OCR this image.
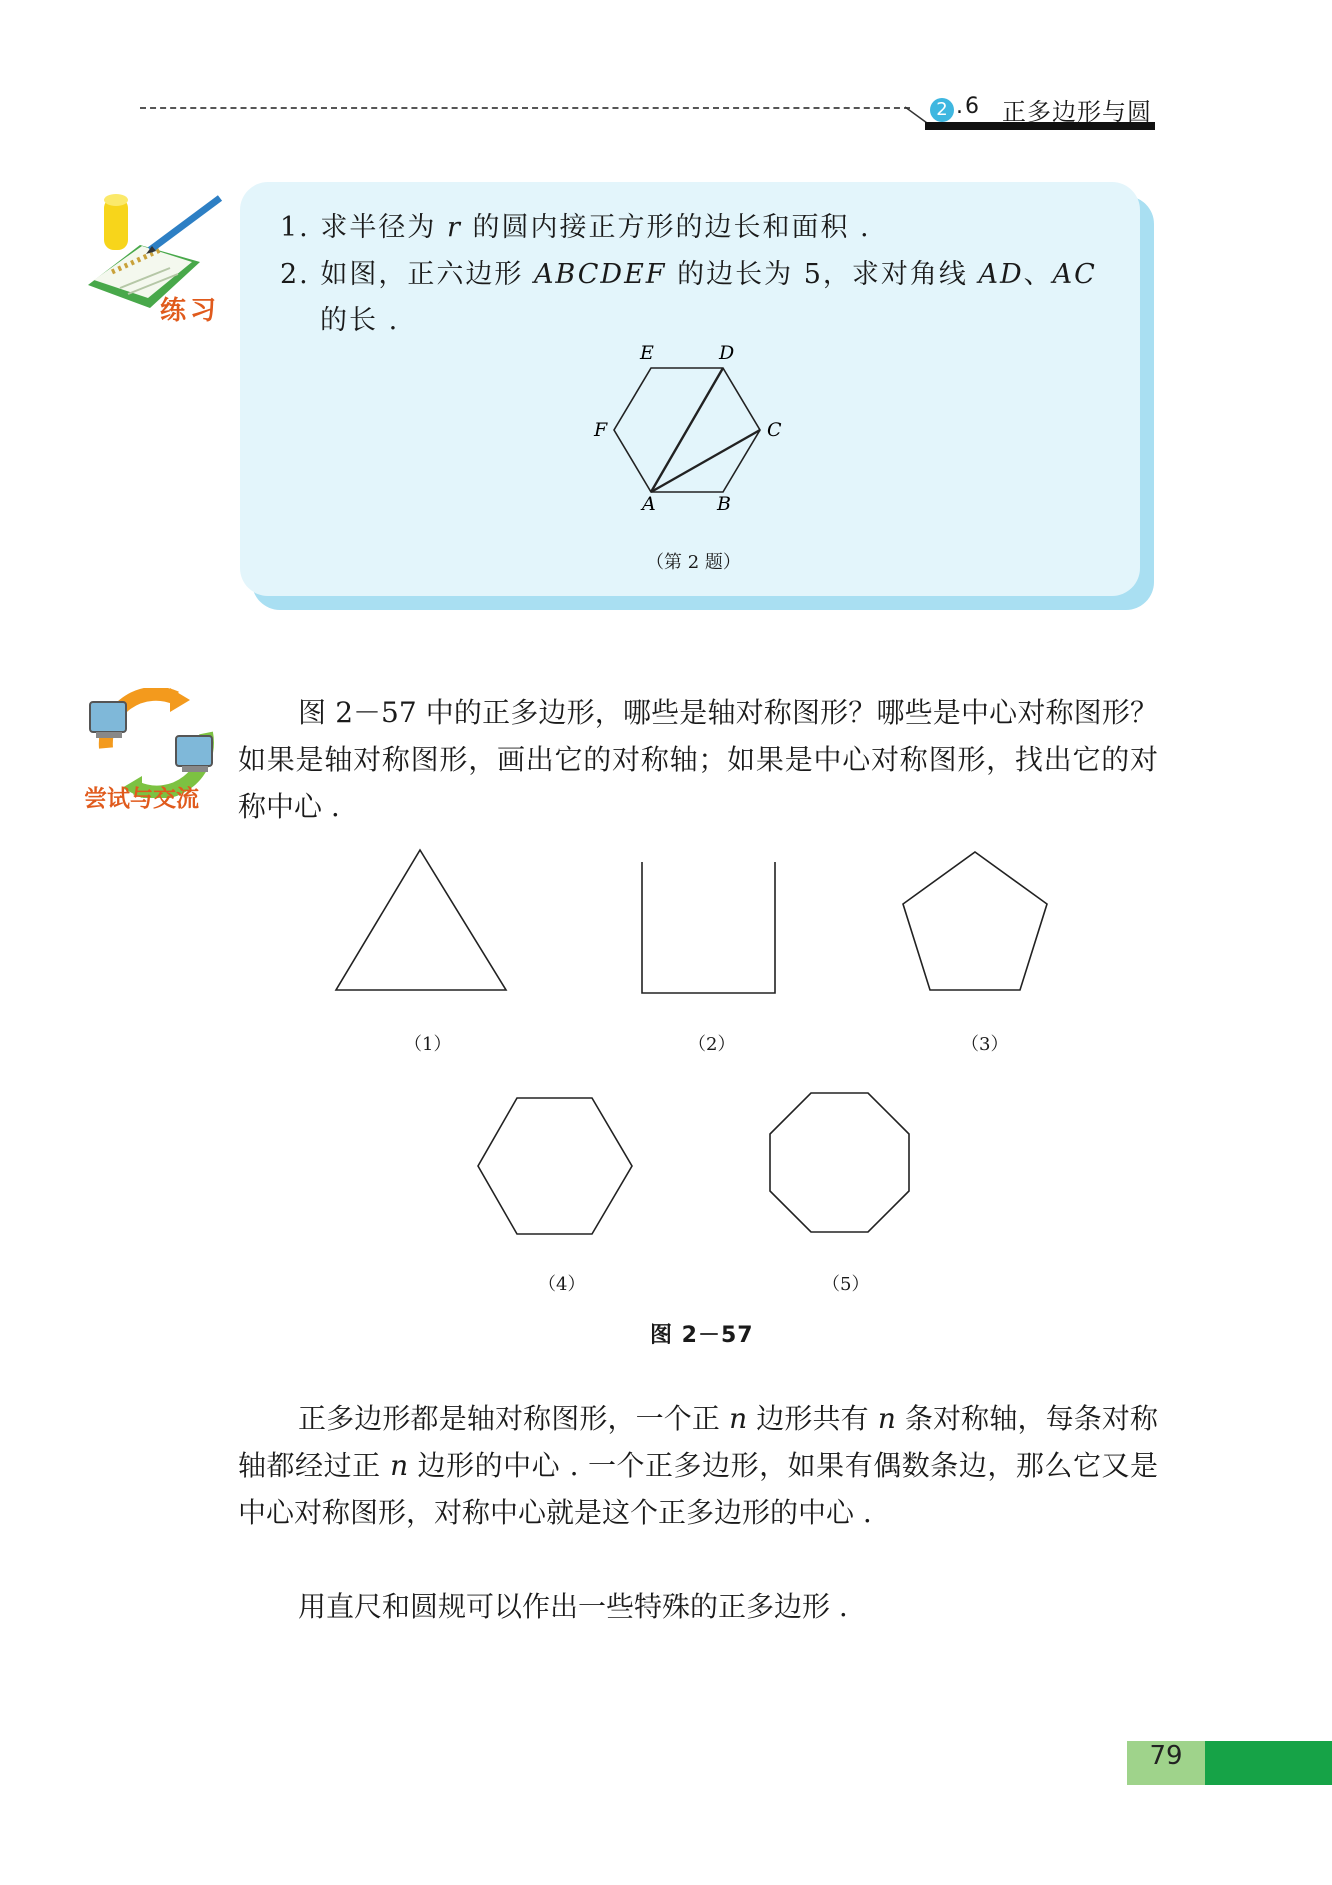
2 .6 正多边形与圆
练习
1. 求半径为 r 的圆内接正方形的边长和面积 .
2. 如图，正六边形 ABCDEF 的边长为 5，求对角线 AD、AC
的长 .
A	B
C
D
E
F
（第 2 题）
尝试与交流
图 2－57 中的正多边形，哪些是轴对称图形？哪些是中心对称图形？如果是轴对称图形，画出它的对称轴；如果是中心对称图形，找出它的对称中心 .
（1）	（2）	（3）
（4）	（5）
图 2－57
正多边形都是轴对称图形，一个正 n 边形共有 n 条对称轴，每条对称轴都经过正 n 边形的中心 . 一个正多边形，如果有偶数条边，那么它又是中心对称图形，对称中心就是这个正多边形的中心 .
用直尺和圆规可以作出一些特殊的正多边形 .
79
